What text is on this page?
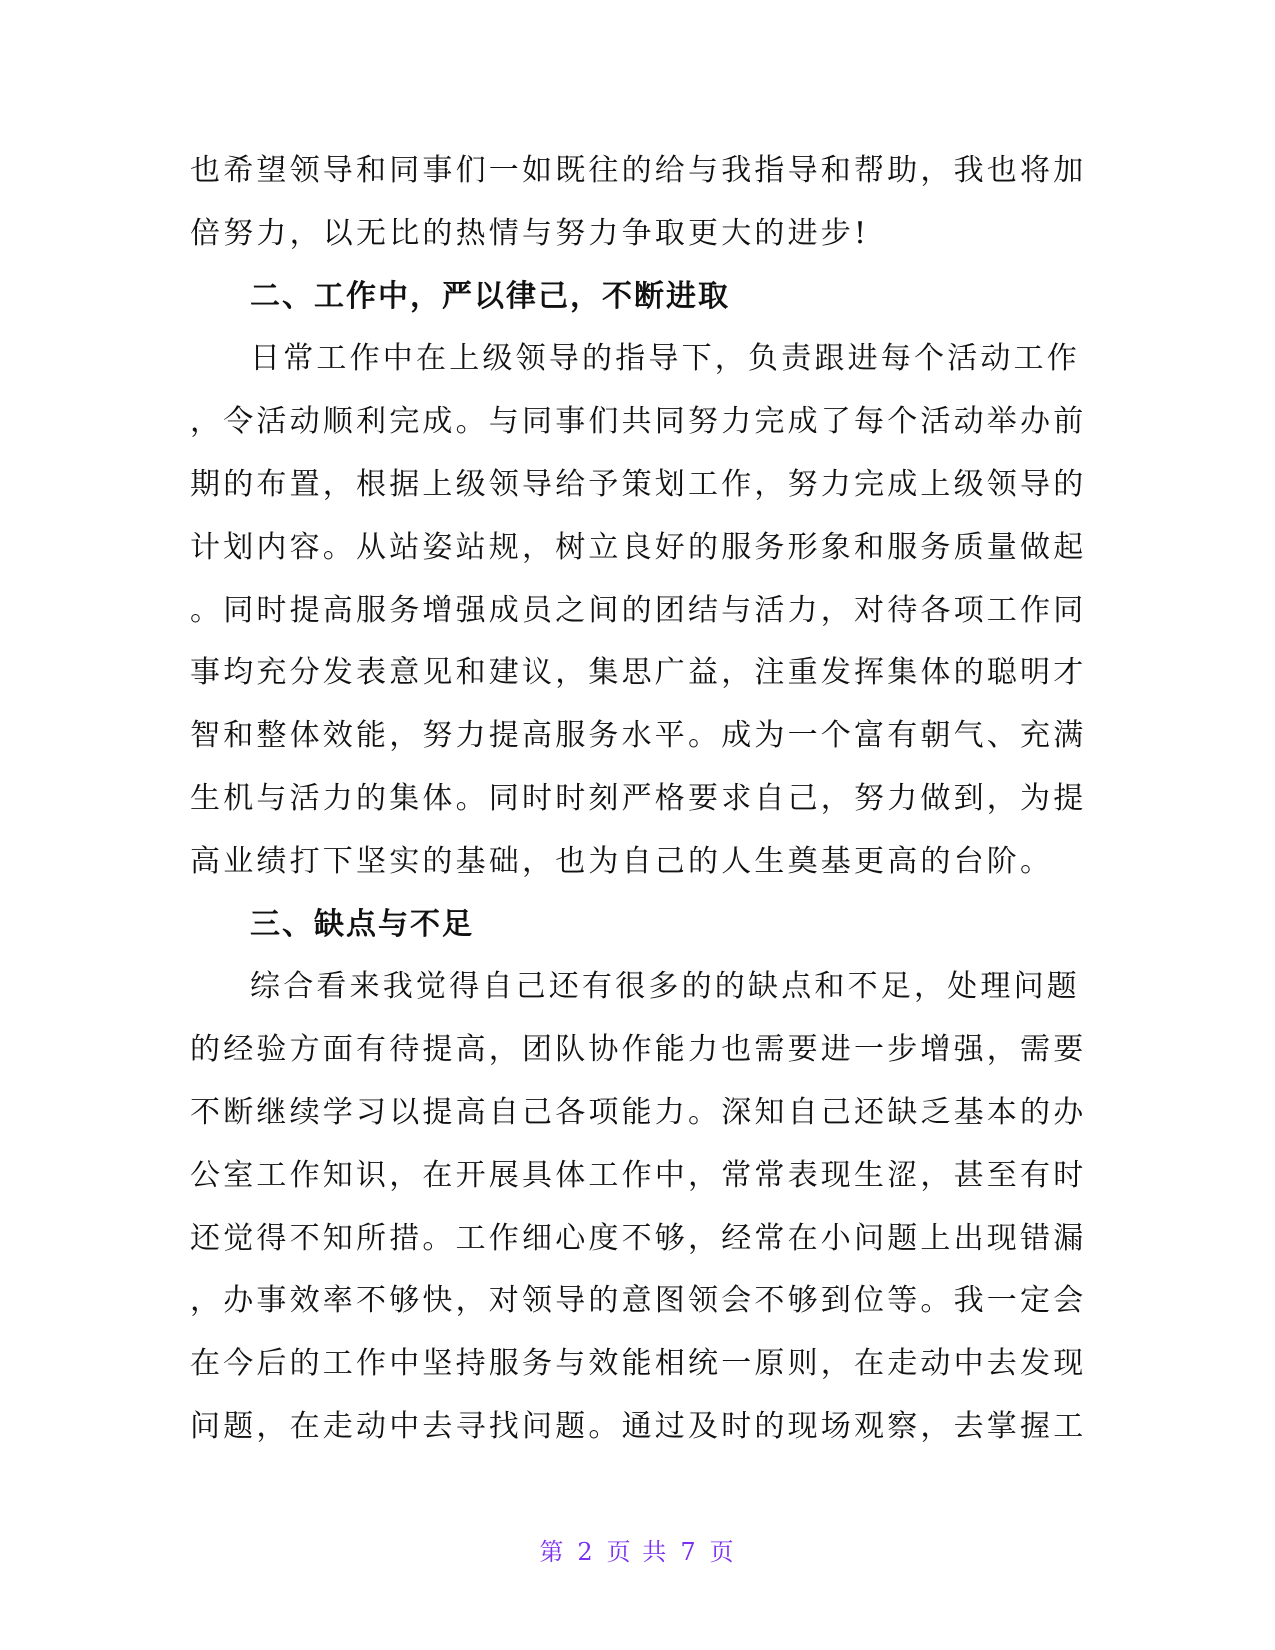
也希望领导和同事们一如既往的给与我指导和帮助，我也将加
倍努力，以无比的热情与努力争取更大的进步!
二、工作中，严以律己，不断进取
日常工作中在上级领导的指导下，负责跟进每个活动工作
，令活动顺利完成。与同事们共同努力完成了每个活动举办前
期的布置，根据上级领导给予策划工作，努力完成上级领导的
计划内容。从站姿站规，树立良好的服务形象和服务质量做起
。同时提高服务增强成员之间的团结与活力，对待各项工作同
事均充分发表意见和建议，集思广益，注重发挥集体的聪明才
智和整体效能，努力提高服务水平。成为一个富有朝气、充满
生机与活力的集体。同时时刻严格要求自己，努力做到，为提
高业绩打下坚实的基础，也为自己的人生奠基更高的台阶。
三、缺点与不足
综合看来我觉得自己还有很多的的缺点和不足，处理问题
的经验方面有待提高，团队协作能力也需要进一步增强，需要
不断继续学习以提高自己各项能力。深知自己还缺乏基本的办
公室工作知识，在开展具体工作中，常常表现生涩，甚至有时
还觉得不知所措。工作细心度不够，经常在小问题上出现错漏
，办事效率不够快，对领导的意图领会不够到位等。我一定会
在今后的工作中坚持服务与效能相统一原则，在走动中去发现
问题，在走动中去寻找问题。通过及时的现场观察，去掌握工
第 2 页 共 7 页
